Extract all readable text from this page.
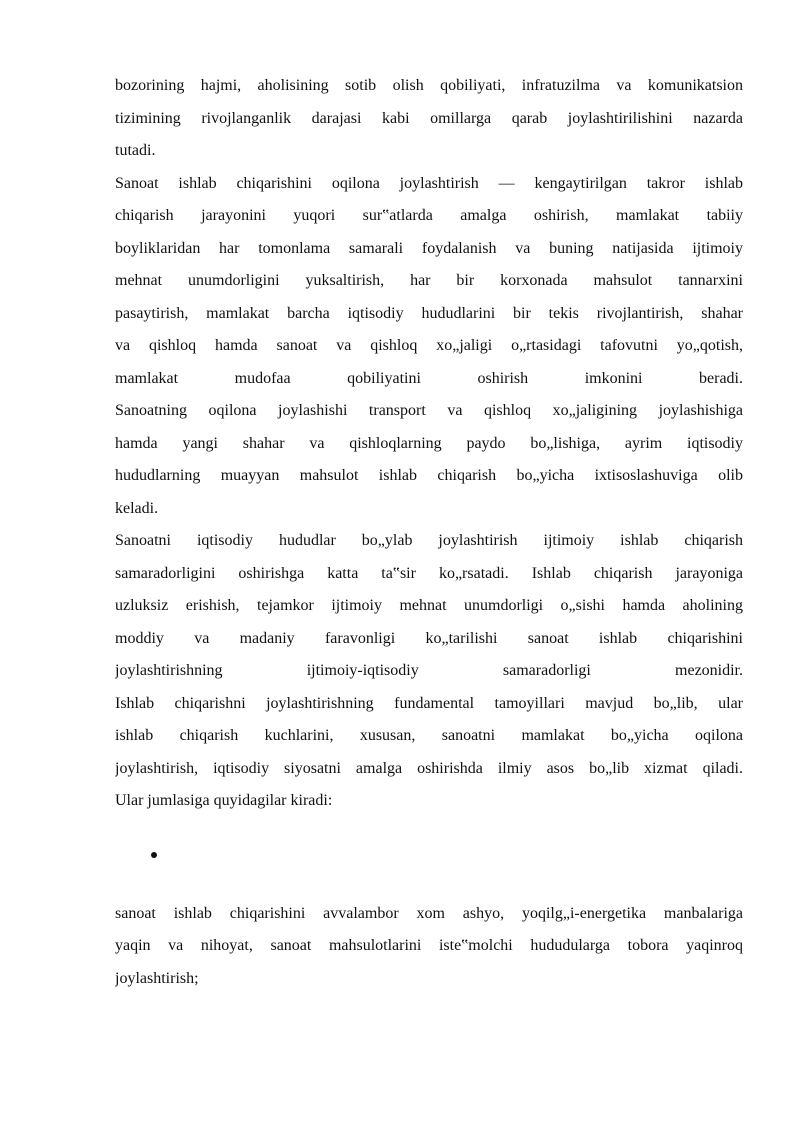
bozorining hajmi, aholisining sotib olish qobiliyati, infratuzilma va komunikatsion
tizimining rivojlanganlik darajasi kabi omillarga qarab joylashtirilishini nazarda
tutadi.
Sanoat ishlab chiqarishini oqilona joylashtirish — kengaytirilgan takror ishlab
chiqarish jarayonini yuqori sur‟atlarda amalga oshirish, mamlakat tabiiy
boyliklaridan har tomonlama samarali foydalanish va buning natijasida ijtimoiy
mehnat unumdorligini yuksaltirish, har bir korxonada mahsulot tannarxini
pasaytirish, mamlakat barcha iqtisodiy hududlarini bir tekis rivojlantirish, shahar
va qishloq hamda sanoat va qishloq xo„jaligi o„rtasidagi tafovutni yo„qotish,
mamlakat mudofaa qobiliyatini oshirish imkonini beradi.
Sanoatning oqilona joylashishi transport va qishloq xo„jaligining joylashishiga
hamda yangi shahar va qishloqlarning paydo bo„lishiga, ayrim iqtisodiy
hududlarning muayyan mahsulot ishlab chiqarish bo„yicha ixtisoslashuviga olib
keladi.
Sanoatni iqtisodiy hududlar bo„ylab joylashtirish ijtimoiy ishlab chiqarish
samaradorligini oshirishga katta ta‟sir ko„rsatadi. Ishlab chiqarish jarayoniga
uzluksiz erishish, tejamkor ijtimoiy mehnat unumdorligi o„sishi hamda aholining
moddiy va madaniy faravonligi ko„tarilishi sanoat ishlab chiqarishini
joylashtirishning ijtimoiy-iqtisodiy samaradorligi mezonidir.
Ishlab chiqarishni joylashtirishning fundamental tamoyillari mavjud bo„lib, ular
ishlab chiqarish kuchlarini, xususan, sanoatni mamlakat bo„yicha oqilona
joylashtirish, iqtisodiy siyosatni amalga oshirishda ilmiy asos bo„lib xizmat qiladi.
Ular jumlasiga quyidagilar kiradi:
sanoat ishlab chiqarishini avvalambor xom ashyo, yoqilg„i-energetika manbalariga
yaqin va nihoyat, sanoat mahsulotlarini iste‟molchi hududularga tobora yaqinroq
joylashtirish;
